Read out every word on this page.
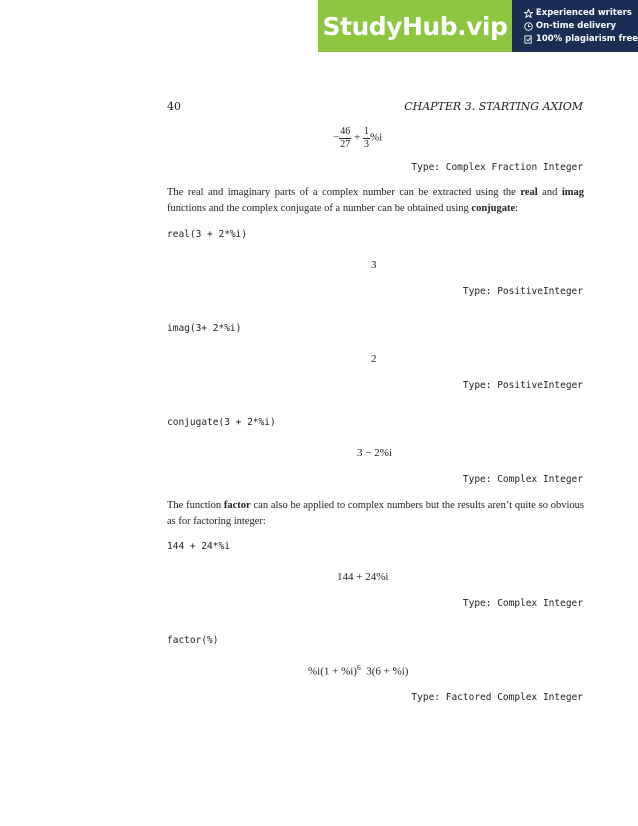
StudyHub.vip	Experienced writers
On-time delivery
100% plagiarism free
40	CHAPTER 3. STARTING AXIOM
− $\frac{46}{27} + \frac{1}{3} \%i$
Type: Complex Fraction Integer
The real and imaginary parts of a complex number can be extracted using the real and imag functions and the complex conjugate of a number can be obtained using conjugate:
real(3 + 2*%i)
3
Type: PositiveInteger
imag(3+ 2*%i)
2
Type: PositiveInteger
conjugate(3 + 2*%i)
3 − 2%i
Type: Complex Integer
The function factor can also be applied to complex numbers but the results aren’t quite so obvious as for factoring integer:
144 + 24*%i
144 + 24%i
Type: Complex Integer
factor(%)
$\%i(1 + \%i)^6$ 3(6 + %i)
Type: Factored Complex Integer
